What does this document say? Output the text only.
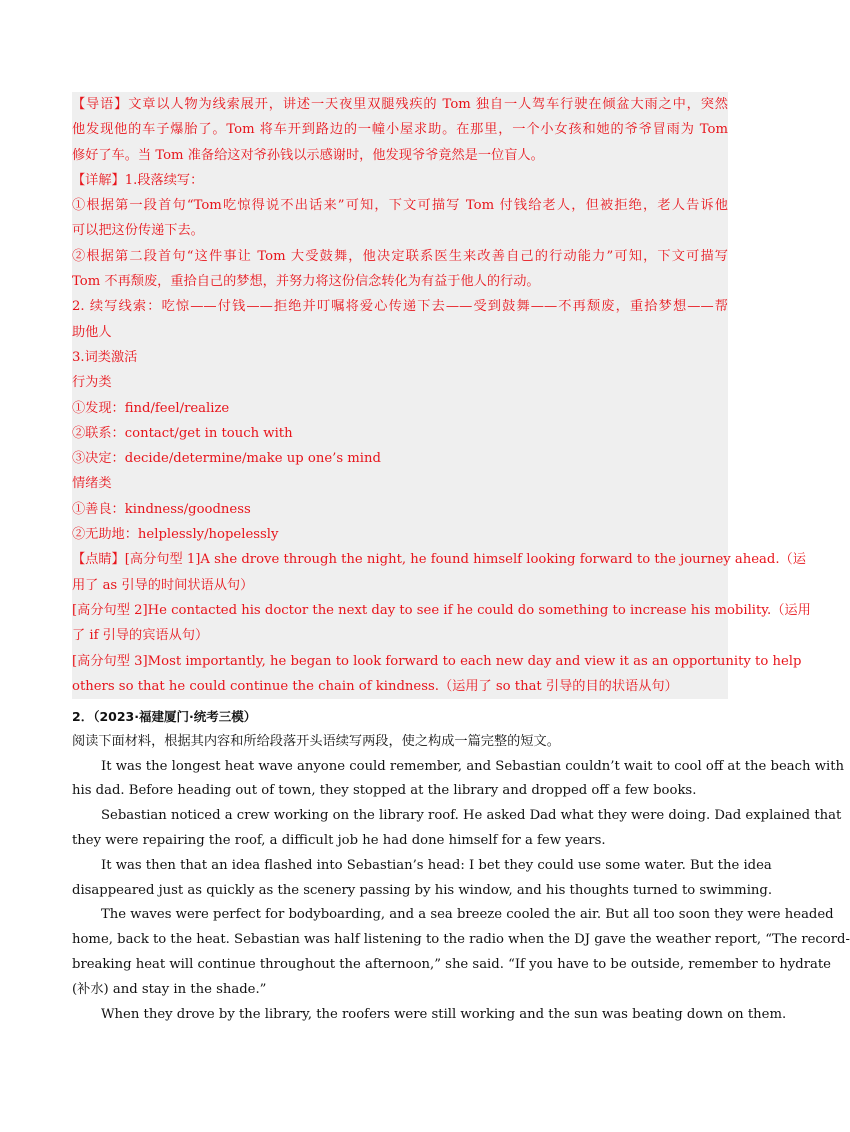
【导语】文章以人物为线索展开，讲述一天夜里双腿残疾的 Tom 独自一人驾车行驶在倾盆大雨之中，突然
他发现他的车子爆胎了。Tom 将车开到路边的一幢小屋求助。在那里，一个小女孩和她的爷爷冒雨为 Tom
修好了车。当 Tom 准备给这对爷孙钱以示感谢时，他发现爷爷竟然是一位盲人。
【详解】1.段落续写：
①根据第一段首句“Tom吃惊得说不出话来”可知，下文可描写 Tom 付钱给老人，但被拒绝，老人告诉他
可以把这份传递下去。
②根据第二段首句“这件事让 Tom 大受鼓舞，他决定联系医生来改善自己的行动能力”可知，下文可描写
Tom 不再颓废，重拾自己的梦想，并努力将这份信念转化为有益于他人的行动。
2. 续写线索：吃惊——付钱——拒绝并叮嘱将爱心传递下去——受到鼓舞——不再颓废，重拾梦想——帮
助他人
3.词类激活
行为类
①发现：find/feel/realize
②联系：contact/get in touch with
③决定：decide/determine/make up one’s mind
情绪类
①善良：kindness/goodness
②无助地：helplessly/hopelessly
【点睛】[高分句型 1]A she drove through the night, he found himself looking forward to the journey ahead.（运
用了 as 引导的时间状语从句）
[高分句型 2]He contacted his doctor the next day to see if he could do something to increase his mobility.（运用
了 if 引导的宾语从句）
[高分句型 3]Most importantly, he began to look forward to each new day and view it as an opportunity to help
others so that he could continue the chain of kindness.（运用了 so that 引导的目的状语从句）
2．（2023·福建厦门·统考三模）
阅读下面材料，根据其内容和所给段落开头语续写两段，使之构成一篇完整的短文。
It was the longest heat wave anyone could remember, and Sebastian couldn’t wait to cool off at the beach with
his dad. Before heading out of town, they stopped at the library and dropped off a few books.
Sebastian noticed a crew working on the library roof. He asked Dad what they were doing. Dad explained that
they were repairing the roof, a difficult job he had done himself for a few years.
It was then that an idea flashed into Sebastian’s head: I bet they could use some water. But the idea
disappeared just as quickly as the scenery passing by his window, and his thoughts turned to swimming.
The waves were perfect for bodyboarding, and a sea breeze cooled the air. But all too soon they were headed
home, back to the heat. Sebastian was half listening to the radio when the DJ gave the weather report, “The record-
breaking heat will continue throughout the afternoon,” she said. “If you have to be outside, remember to hydrate
(补水) and stay in the shade.”
When they drove by the library, the roofers were still working and the sun was beating down on them.
